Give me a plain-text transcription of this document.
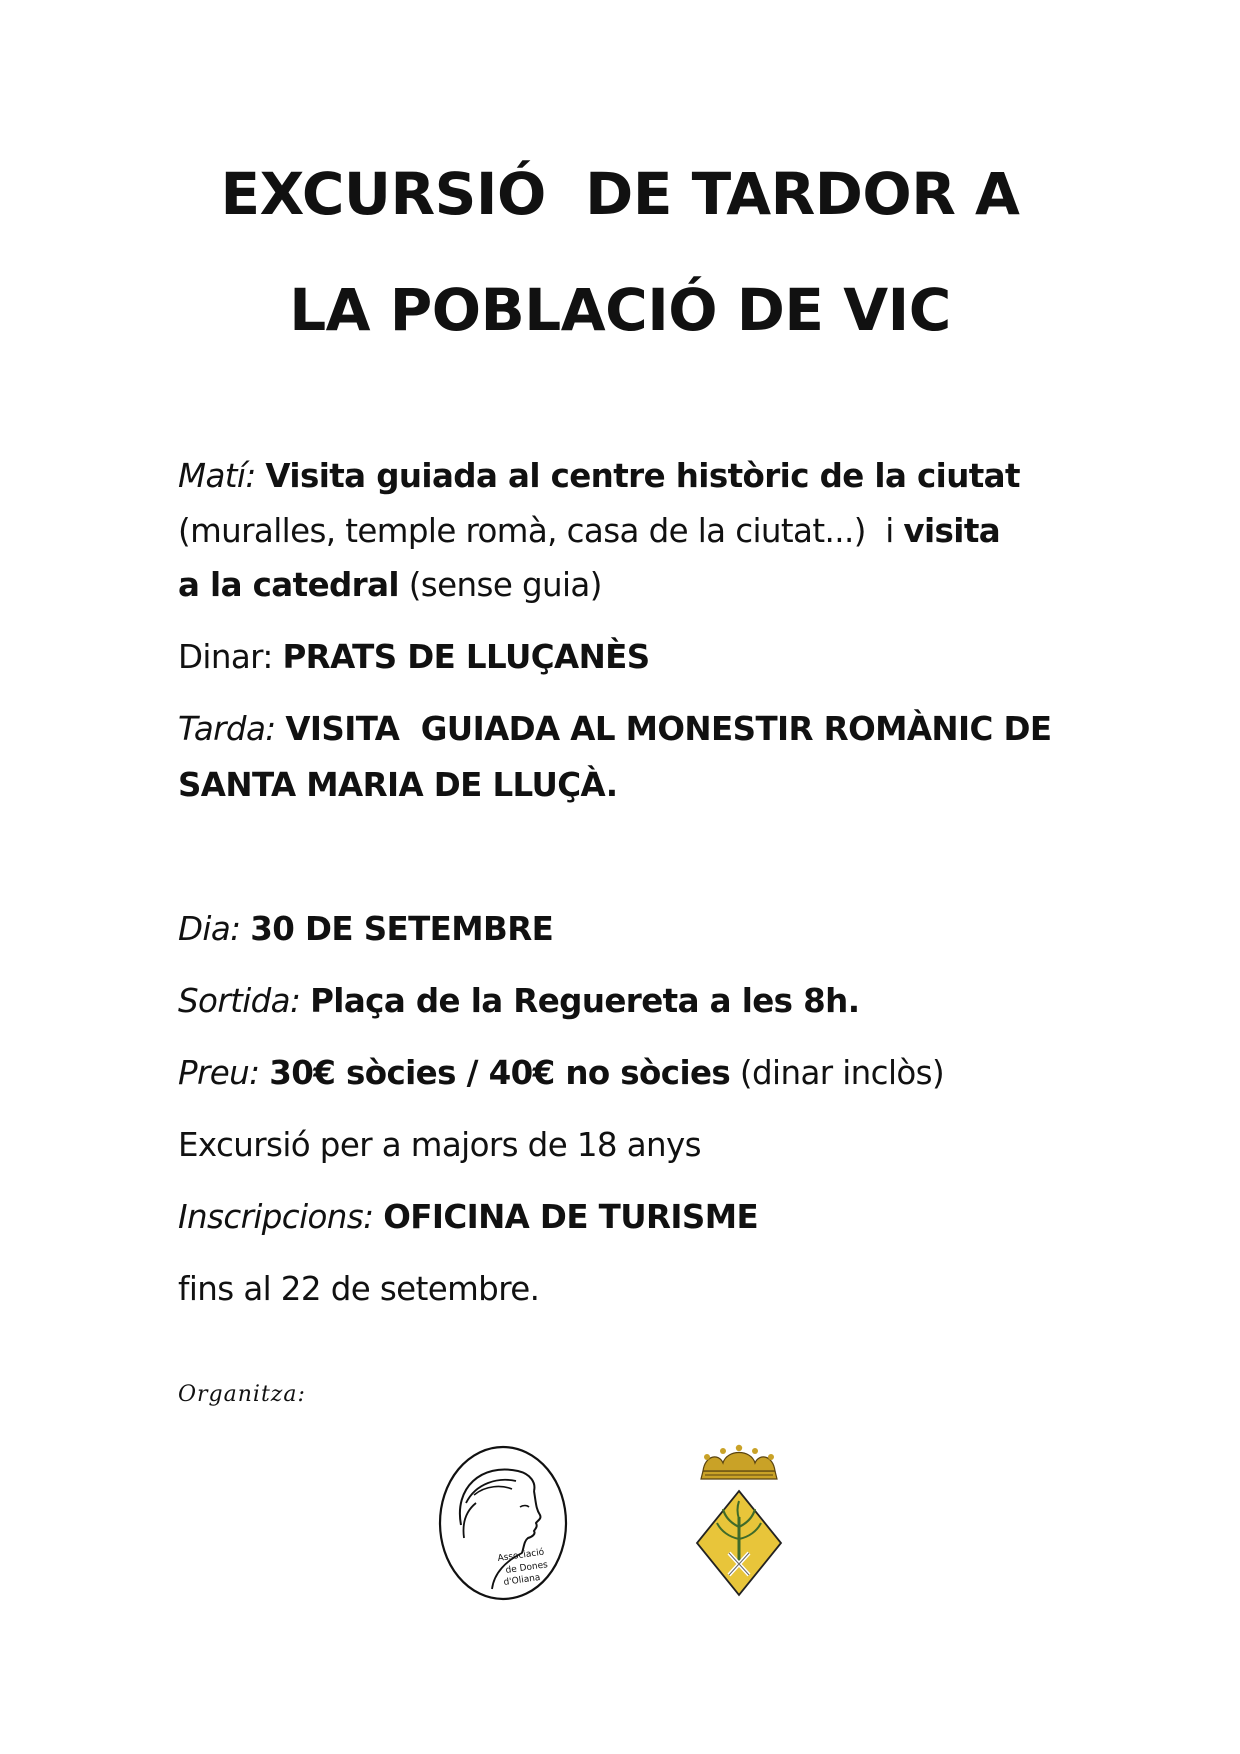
EXCURSIÓ  DE TARDOR A
LA POBLACIÓ DE VIC

Matí: Visita guiada al centre històric de la ciutat

(muralles, temple romà, casa de la ciutat...)  i visita

a la catedral (sense guia)

Dinar: PRATS DE LLUÇANÈS

Tarda: VISITA  GUIADA AL MONESTIR ROMÀNIC DE

SANTA MARIA DE LLUÇÀ.

Dia: 30 DE SETEMBRE

Sortida: Plaça de la Reguereta a les 8h.

Preu: 30€ sòcies / 40€ no sòcies (dinar inclòs)

Excursió per a majors de 18 anys

Inscripcions: OFICINA DE TURISME

fins al 22 de setembre.

Organitza:

Associació
de Dones
d'Oliana
